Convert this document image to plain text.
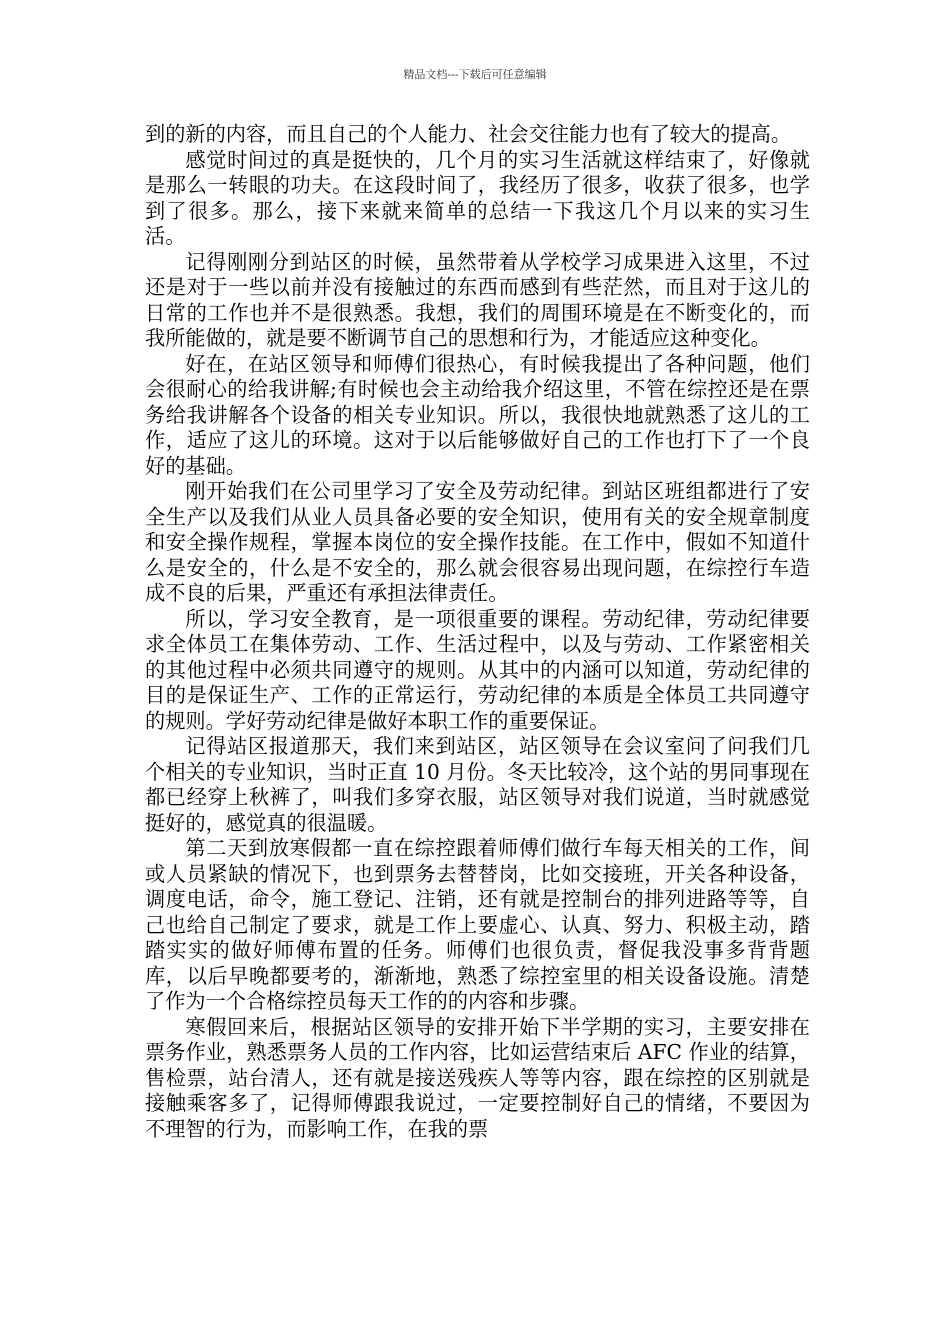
精品文档---下载后可任意编辑

到的新的内容，而且自己的个人能力、社会交往能力也有了较大的提高。

感觉时间过的真是挺快的，几个月的实习生活就这样结束了，好像就是那么一转眼的功夫。在这段时间了，我经历了很多，收获了很多，也学到了很多。那么，接下来就来简单的总结一下我这几个月以来的实习生活。

记得刚刚分到站区的时候，虽然带着从学校学习成果进入这里，不过还是对于一些以前并没有接触过的东西而感到有些茫然，而且对于这儿的日常的工作也并不是很熟悉。我想，我们的周围环境是在不断变化的，而我所能做的，就是要不断调节自己的思想和行为，才能适应这种变化。

好在，在站区领导和师傅们很热心，有时候我提出了各种问题，他们会很耐心的给我讲解;有时候也会主动给我介绍这里，不管在综控还是在票务给我讲解各个设备的相关专业知识。所以，我很快地就熟悉了这儿的工作，适应了这儿的环境。这对于以后能够做好自己的工作也打下了一个良好的基础。

刚开始我们在公司里学习了安全及劳动纪律。到站区班组都进行了安全生产以及我们从业人员具备必要的安全知识，使用有关的安全规章制度和安全操作规程，掌握本岗位的安全操作技能。在工作中，假如不知道什么是安全的，什么是不安全的，那么就会很容易出现问题，在综控行车造成不良的后果，严重还有承担法律责任。

所以，学习安全教育，是一项很重要的课程。劳动纪律，劳动纪律要求全体员工在集体劳动、工作、生活过程中，以及与劳动、工作紧密相关的其他过程中必须共同遵守的规则。从其中的内涵可以知道，劳动纪律的目的是保证生产、工作的正常运行，劳动纪律的本质是全体员工共同遵守的规则。学好劳动纪律是做好本职工作的重要保证。

记得站区报道那天，我们来到站区，站区领导在会议室问了问我们几个相关的专业知识，当时正直 10 月份。冬天比较冷，这个站的男同事现在都已经穿上秋裤了，叫我们多穿衣服，站区领导对我们说道，当时就感觉挺好的，感觉真的很温暖。

第二天到放寒假都一直在综控跟着师傅们做行车每天相关的工作，间或人员紧缺的情况下，也到票务去替替岗，比如交接班，开关各种设备，调度电话，命令，施工登记、注销，还有就是控制台的排列进路等等，自己也给自己制定了要求，就是工作上要虚心、认真、努力、积极主动，踏踏实实的做好师傅布置的任务。师傅们也很负责，督促我没事多背背题库，以后早晚都要考的，渐渐地，熟悉了综控室里的相关设备设施。清楚了作为一个合格综控员每天工作的的内容和步骤。

寒假回来后，根据站区领导的安排开始下半学期的实习，主要安排在票务作业，熟悉票务人员的工作内容，比如运营结束后 AFC 作业的结算，售检票，站台清人，还有就是接送残疾人等等内容，跟在综控的区别就是接触乘客多了，记得师傅跟我说过，一定要控制好自己的情绪，不要因为不理智的行为，而影响工作，在我的票
